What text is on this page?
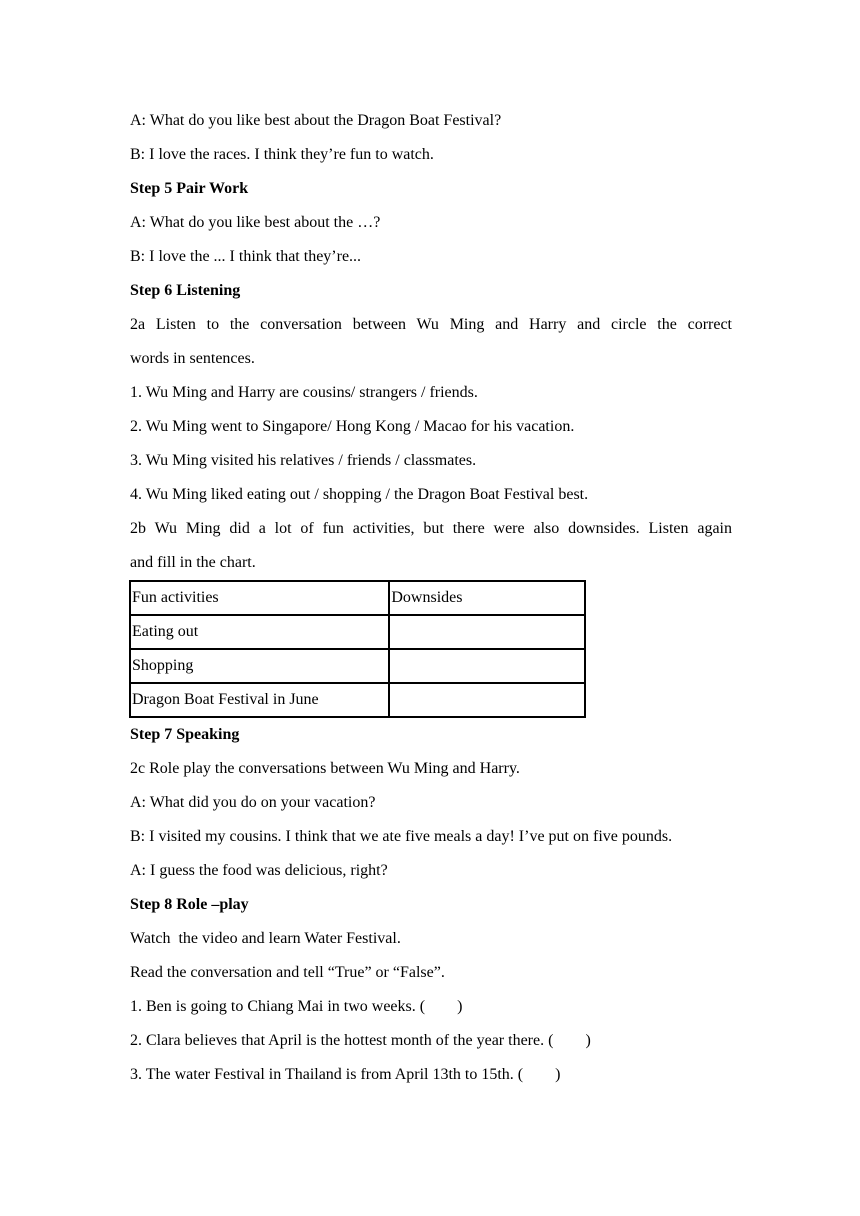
A: What do you like best about the Dragon Boat Festival?
B: I love the races. I think they’re fun to watch.
Step 5 Pair Work
A: What do you like best about the …?
B: I love the ... I think that they’re...
Step 6 Listening
2a Listen to the conversation between Wu Ming and Harry and circle the correct
words in sentences.
1. Wu Ming and Harry are cousins/ strangers / friends.
2. Wu Ming went to Singapore/ Hong Kong / Macao for his vacation.
3. Wu Ming visited his relatives / friends / classmates.
4. Wu Ming liked eating out / shopping / the Dragon Boat Festival best.
2b Wu Ming did a lot of fun activities, but there were also downsides. Listen again
and fill in the chart.
Fun activities	Downsides
Eating out	
Shopping	
Dragon Boat Festival in June	
Step 7 Speaking
2c Role play the conversations between Wu Ming and Harry.
A: What did you do on your vacation?
B: I visited my cousins. I think that we ate five meals a day! I’ve put on five pounds.
A: I guess the food was delicious, right?
Step 8 Role –play
Watch  the video and learn Water Festival.
Read the conversation and tell “True” or “False”.
1. Ben is going to Chiang Mai in two weeks. (        )
2. Clara believes that April is the hottest month of the year there. (        )
3. The water Festival in Thailand is from April 13th to 15th. (        )
